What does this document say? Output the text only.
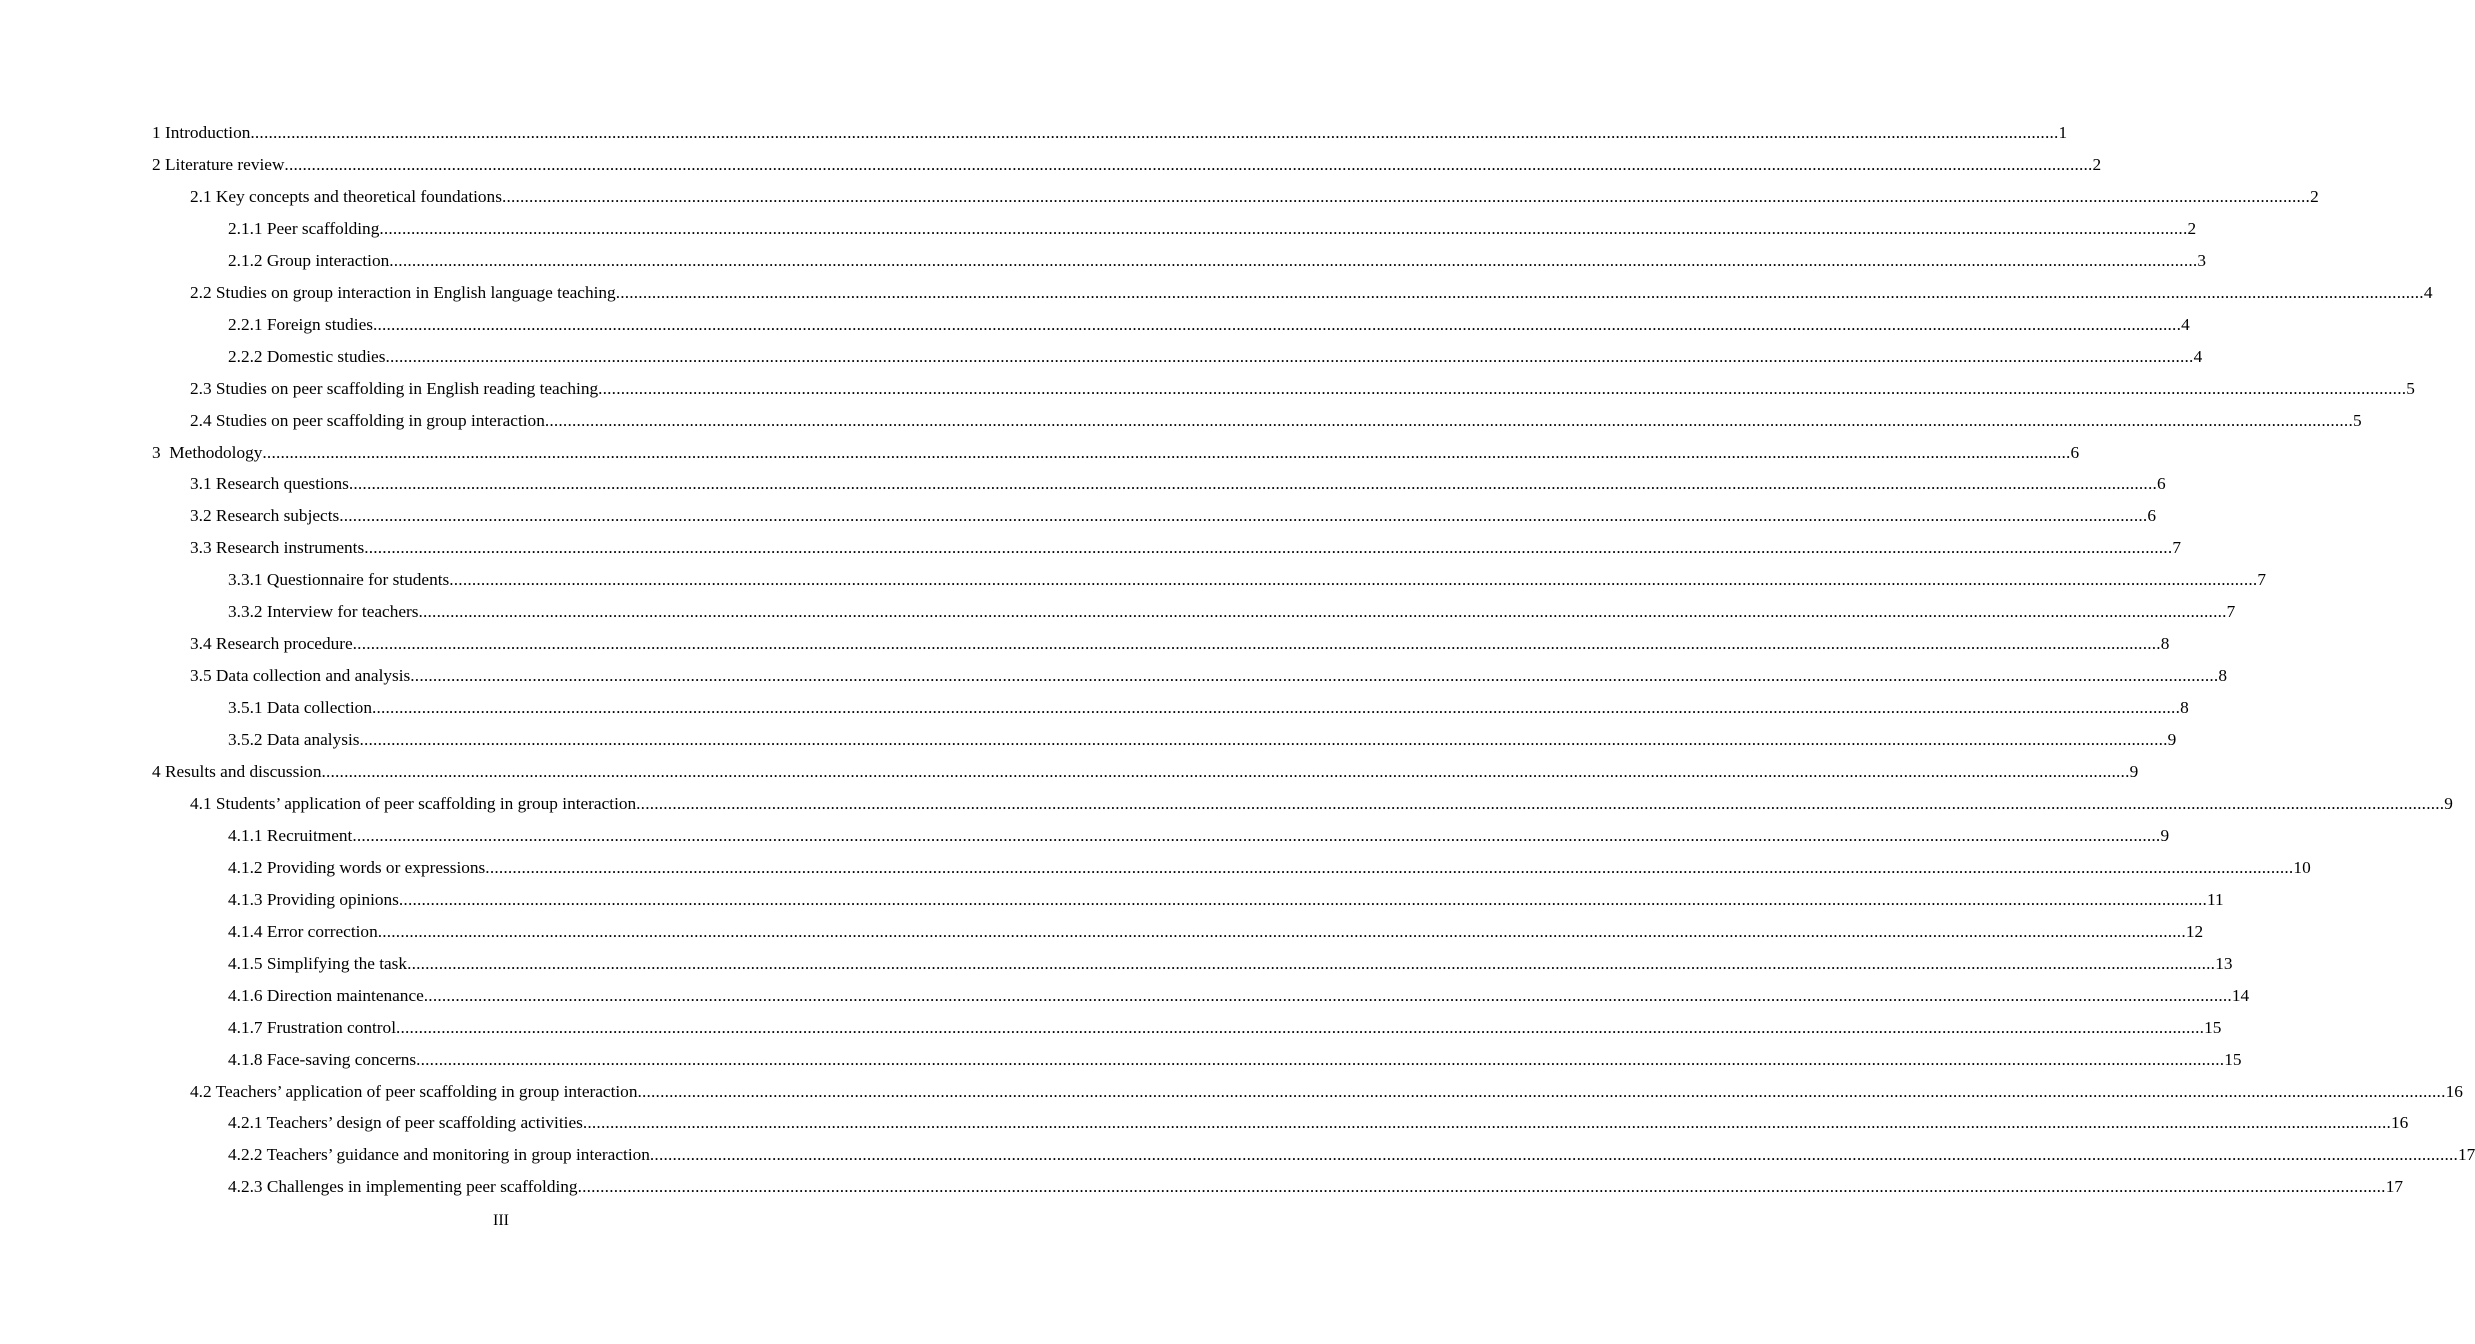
1 Introduction ................................................................................................................................................................................................................................................................................................................................................................................................................ 1
2 Literature review ................................................................................................................................................................................................................................................................................................................................................................................................................ 2
2.1 Key concepts and theoretical foundations ................................................................................................................................................................................................................................................................................................................................................................................................................ 2
2.1.1 Peer scaffolding ................................................................................................................................................................................................................................................................................................................................................................................................................ 2
2.1.2 Group interaction ................................................................................................................................................................................................................................................................................................................................................................................................................ 3
2.2 Studies on group interaction in English language teaching ................................................................................................................................................................................................................................................................................................................................................................................................................ 4
2.2.1 Foreign studies ................................................................................................................................................................................................................................................................................................................................................................................................................ 4
2.2.2 Domestic studies ................................................................................................................................................................................................................................................................................................................................................................................................................ 4
2.3 Studies on peer scaffolding in English reading teaching ................................................................................................................................................................................................................................................................................................................................................................................................................ 5
2.4 Studies on peer scaffolding in group interaction ................................................................................................................................................................................................................................................................................................................................................................................................................ 5
3  Methodology ................................................................................................................................................................................................................................................................................................................................................................................................................ 6
3.1 Research questions ................................................................................................................................................................................................................................................................................................................................................................................................................ 6
3.2 Research subjects ................................................................................................................................................................................................................................................................................................................................................................................................................ 6
3.3 Research instruments ................................................................................................................................................................................................................................................................................................................................................................................................................ 7
3.3.1 Questionnaire for students ................................................................................................................................................................................................................................................................................................................................................................................................................ 7
3.3.2 Interview for teachers ................................................................................................................................................................................................................................................................................................................................................................................................................ 7
3.4 Research procedure ................................................................................................................................................................................................................................................................................................................................................................................................................ 8
3.5 Data collection and analysis ................................................................................................................................................................................................................................................................................................................................................................................................................ 8
3.5.1 Data collection ................................................................................................................................................................................................................................................................................................................................................................................................................ 8
3.5.2 Data analysis ................................................................................................................................................................................................................................................................................................................................................................................................................ 9
4 Results and discussion ................................................................................................................................................................................................................................................................................................................................................................................................................ 9
4.1 Students’ application of peer scaffolding in group interaction ................................................................................................................................................................................................................................................................................................................................................................................................................ 9
4.1.1 Recruitment ................................................................................................................................................................................................................................................................................................................................................................................................................ 9
4.1.2 Providing words or expressions ................................................................................................................................................................................................................................................................................................................................................................................................................ 10
4.1.3 Providing opinions ................................................................................................................................................................................................................................................................................................................................................................................................................ 11
4.1.4 Error correction ................................................................................................................................................................................................................................................................................................................................................................................................................ 12
4.1.5 Simplifying the task ................................................................................................................................................................................................................................................................................................................................................................................................................ 13
4.1.6 Direction maintenance ................................................................................................................................................................................................................................................................................................................................................................................................................ 14
4.1.7 Frustration control ................................................................................................................................................................................................................................................................................................................................................................................................................ 15
4.1.8 Face-saving concerns ................................................................................................................................................................................................................................................................................................................................................................................................................ 15
4.2 Teachers’ application of peer scaffolding in group interaction ................................................................................................................................................................................................................................................................................................................................................................................................................ 16
4.2.1 Teachers’ design of peer scaffolding activities ................................................................................................................................................................................................................................................................................................................................................................................................................ 16
4.2.2 Teachers’ guidance and monitoring in group interaction ................................................................................................................................................................................................................................................................................................................................................................................................................ 17
4.2.3 Challenges in implementing peer scaffolding ................................................................................................................................................................................................................................................................................................................................................................................................................ 17
III
